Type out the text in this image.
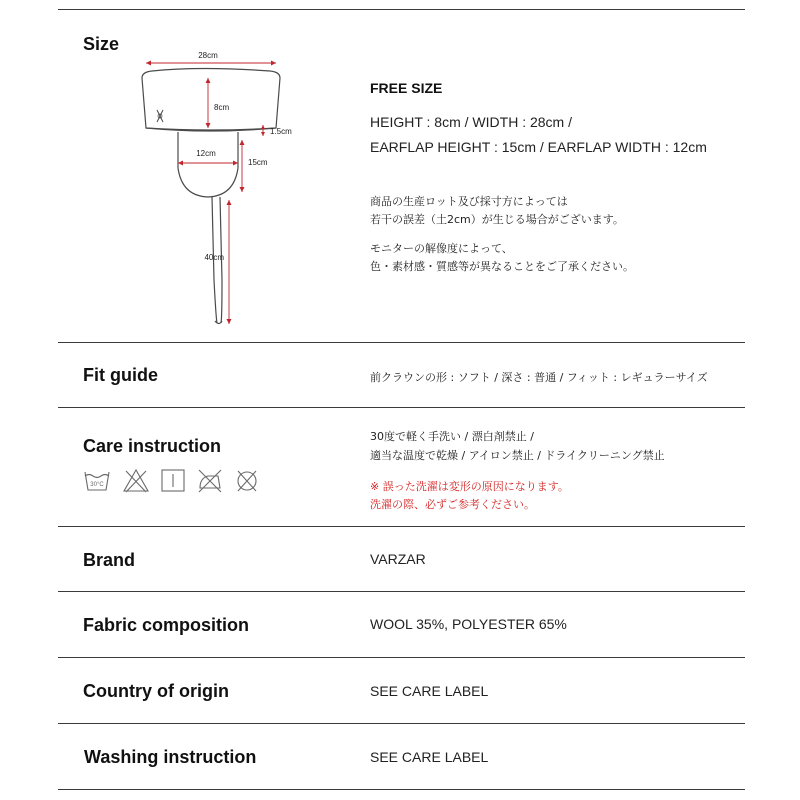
Size
28cm
8cm
1.5cm
12cm
15cm
40cm
FREE SIZE
HEIGHT : 8cm / WIDTH : 28cm /
EARFLAP HEIGHT : 15cm / EARFLAP WIDTH : 12cm
商品の生産ロット及び採寸方によっては
若干の誤差（土2cm）が生じる場合がございます。
モニターの解像度によって、
色・素材感・質感等が異なることをご了承ください。
Fit guide	前クラウンの形 : ソフト / 深さ : 普通 / フィット : レギュラーサイズ
Care instruction
30°C
30度で軽く手洗い / 漂白剤禁止 /
適当な温度で乾燥 / アイロン禁止 / ドライクリーニング禁止
※ 誤った洗濯は変形の原因になります。
洗濯の際、必ずご参考ください。
Brand	VARZAR
Fabric composition	WOOL 35%, POLYESTER 65%
Country of origin	SEE CARE LABEL
Washing instruction	SEE CARE LABEL
